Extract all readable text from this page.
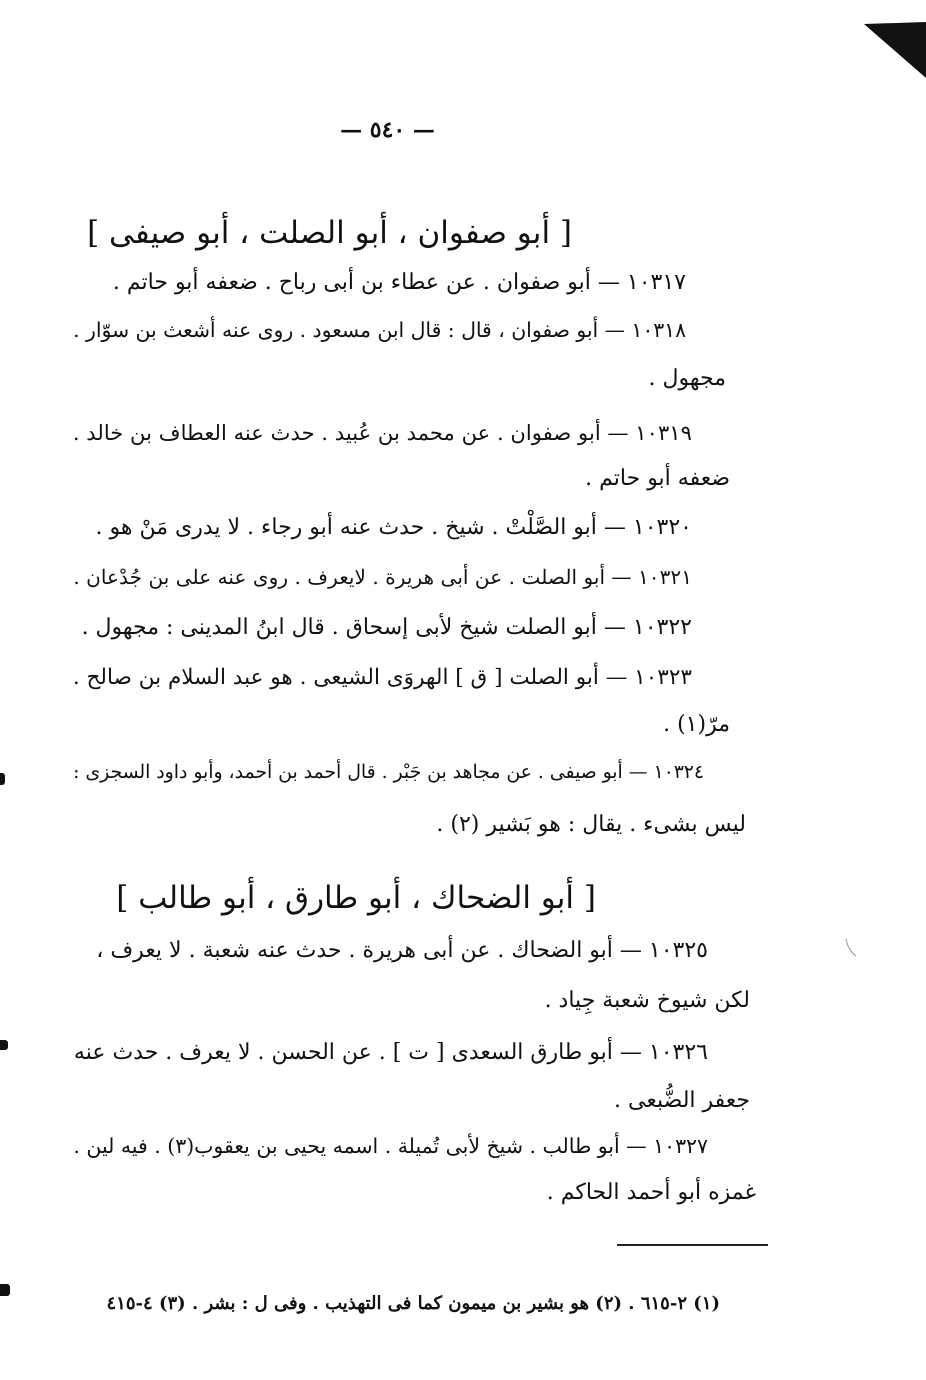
— ٥٤٠ —
[ أبو صفوان ، أبو الصلت ، أبو صيفى ]
١٠٣١٧ — أبو صفوان . عن عطاء بن أبى رباح . ضعفه أبو حاتم .
١٠٣١٨ — أبو صفوان ، قال : قال ابن مسعود . روى عنه أشعث بن سوّار .
مجهول .
١٠٣١٩ — أبو صفوان . عن محمد بن عُبيد . حدث عنه العطاف بن خالد .
ضعفه أبو حاتم .
١٠٣٢٠ — أبو الصَّلْتْ . شيخ . حدث عنه أبو رجاء . لا يدرى مَنْ هو .
١٠٣٢١ — أبو الصلت . عن أبى هريرة . لايعرف . روى عنه على بن جُدْعان .
١٠٣٢٢ — أبو الصلت شيخ لأبى إسحاق . قال ابنُ المدينى : مجهول .
١٠٣٢٣ — أبو الصلت [ ق ] الهروَى الشيعى . هو عبد السلام بن صالح .
مرّ(١) .
١٠٣٢٤ — أبو صيفى . عن مجاهد بن جَبْر . قال أحمد بن أحمد، وأبو داود السجزى :
ليس بشىء . يقال : هو بَشير (٢) .
[ أبو الضحاك ، أبو طارق ، أبو طالب ]
١٠٣٢٥ — أبو الضحاك . عن أبى هريرة . حدث عنه شعبة . لا يعرف ،
لكن شيوخ شعبة جِياد .
١٠٣٢٦ — أبو طارق السعدى [ ت ] . عن الحسن . لا يعرف . حدث عنه
جعفر الضُّبعى .
١٠٣٢٧ — أبو طالب . شيخ لأبى تُميلة . اسمه يحيى بن يعقوب(٣) . فيه لين .
غمزه أبو أحمد الحاكم .
(١) ٢-٦١٥ . (٢) هو بشير بن ميمون كما فى التهذيب . وفى ل : بشر . (٣) ٤-٤١٥
